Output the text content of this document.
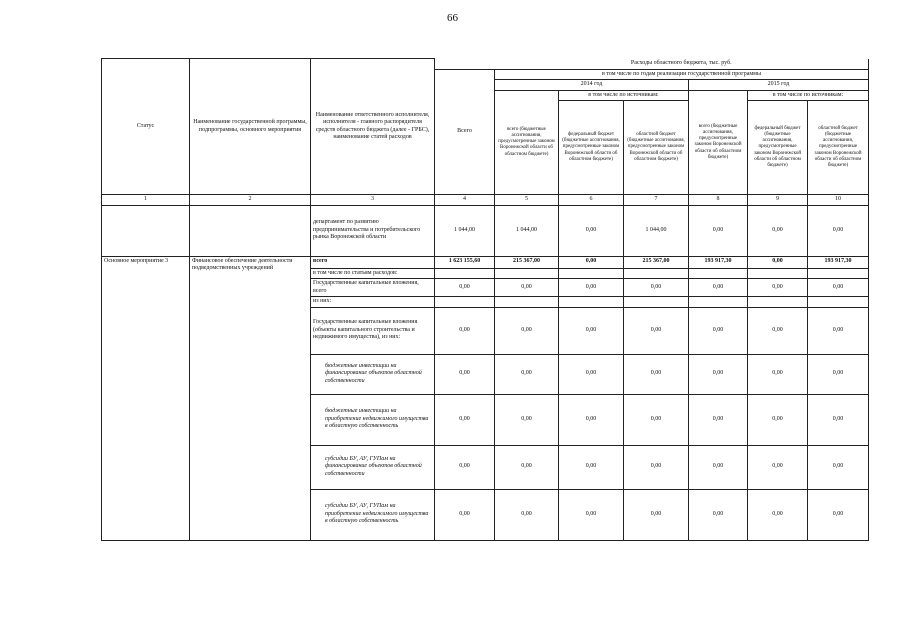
66
Статус	Наименование государственной программы, подпрограммы, основного мероприятия	Наименование ответственного исполнителя, исполнителя - главного распорядителя средств областного бюджета (далее - ГРБС), наименование статей расходов		Расходы областного бюджета, тыс. руб.					
			Всего	в том числе по годам реализации государственной программы					
				2014 год			2015 год		
				всего (бюджетные ассигнования, предусмотренные законом Воронежской области об областном бюджете)	в том числе по источникам:		всего (бюджетные ассигнования, предусмотренные законом Воронежской области об областном бюджете)	в том числе по источникам:	
					федеральный бюджет (бюджетные ассигнования, предусмотренные законом Воронежской области об областном бюджете)	областной бюджет (бюджетные ассигнования, предусмотренные законом Воронежской области об областном бюджете)		федеральный бюджет (бюджетные ассигнования, предусмотренные законом Воронежской области об областном бюджете)	областной бюджет (бюджетные ассигнования, предусмотренные законом Воронежской области об областном бюджете)
1	2	3	4	5	6	7	8	9	10
		департамент по развитию предпринимательства и потребительского рынка Воронежской области	1 044,00	1 044,00	0,00	1 044,00	0,00	0,00	0,00
Основное мероприятие 3	Финансовое обеспечение деятельности подведомственных учреждений	всего	1 623 155,60	215 367,00	0,00	215 367,00	193 917,30	0,00	193 917,30
		в том числе по статьям расходов:							
		Государственные капитальные вложения, всего	0,00	0,00	0,00	0,00	0,00	0,00	0,00
		из них:							
		Государственные капитальные вложения (объекты капитального строительства и недвижимого имущества), из них:	0,00	0,00	0,00	0,00	0,00	0,00	0,00
		бюджетные инвестиции на финансирование объектов областной собственности	0,00	0,00	0,00	0,00	0,00	0,00	0,00
		бюджетные инвестиции на приобретение недвижимого имущества в областную собственность	0,00	0,00	0,00	0,00	0,00	0,00	0,00
		субсидии БУ, АУ, ГУПам на финансирование объектов областной собственности	0,00	0,00	0,00	0,00	0,00	0,00	0,00
		субсидии БУ, АУ, ГУПам на приобретение недвижимого имущества в областную собственность	0,00	0,00	0,00	0,00	0,00	0,00	0,00
